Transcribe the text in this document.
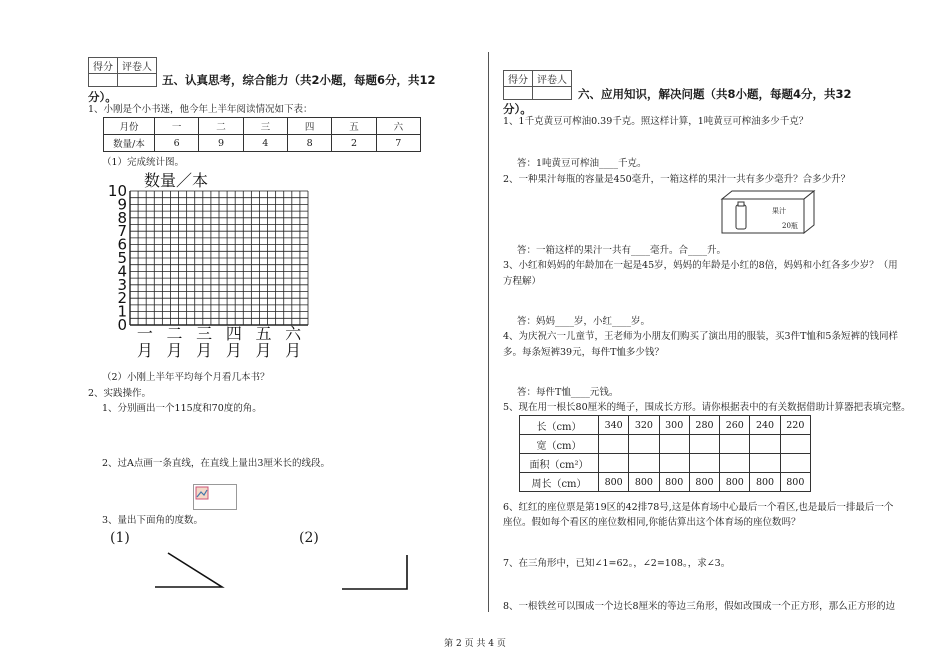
得分	评卷人

五、认真思考，综合能力（共2小题，每题6分，共12
分）。
1、小刚是个小书迷，他今年上半年阅读情况如下表：
月份	一	二	三	四	五	六
数量/本	6	9	4	8	2	7
（1）完成统计图。
0
1
2
3
4
5
6
7
8
9
10
数量／本
一
月
二
月
三
月
四
月
五
月
六
月
（2）小刚上半年平均每个月看几本书？
2、实践操作。
1、分别画出一个115度和70度的角。
2、过A点画一条直线，在直线上量出3厘米长的线段。
3、量出下面角的度数。
(1)	(2)
得分	评卷人

六、应用知识，解决问题（共8小题，每题4分，共32
分）。
1、1千克黄豆可榨油0.39千克。照这样计算，1吨黄豆可榨油多少千克？
答：1吨黄豆可榨油____千克。
2、一种果汁每瓶的容量是450毫升，一箱这样的果汁一共有多少毫升？合多少升？
果汁
20瓶
答：一箱这样的果汁一共有____毫升。合____升。
3、小红和妈妈的年龄加在一起是45岁，妈妈的年龄是小红的8倍，妈妈和小红各多少岁？（用
方程解）
答：妈妈____岁，小红____岁。
4、为庆祝六一儿童节，王老师为小朋友们购买了演出用的服装，买3件T恤和5条短裤的钱同样
多。每条短裤39元，每件T恤多少钱？
答：每件T恤____元钱。
5、现在用一根长80厘米的绳子，围成长方形。请你根据表中的有关数据借助计算器把表填完整。
长（cm）	340	320	300	280	260	240	220
宽（cm）							
面积（cm²）							
周长（cm）	800	800	800	800	800	800	800
6、红红的座位票是第19区的42排78号,这是体育场中心最后一个看区,也是最后一排最后一个
座位。假如每个看区的座位数相同,你能估算出这个体育场的座位数吗？
7、在三角形中，已知∠1=62。，∠2=108。，求∠3。
8、一根铁丝可以围成一个边长8厘米的等边三角形，假如改围成一个正方形，那么正方形的边
第 2 页 共 4 页
